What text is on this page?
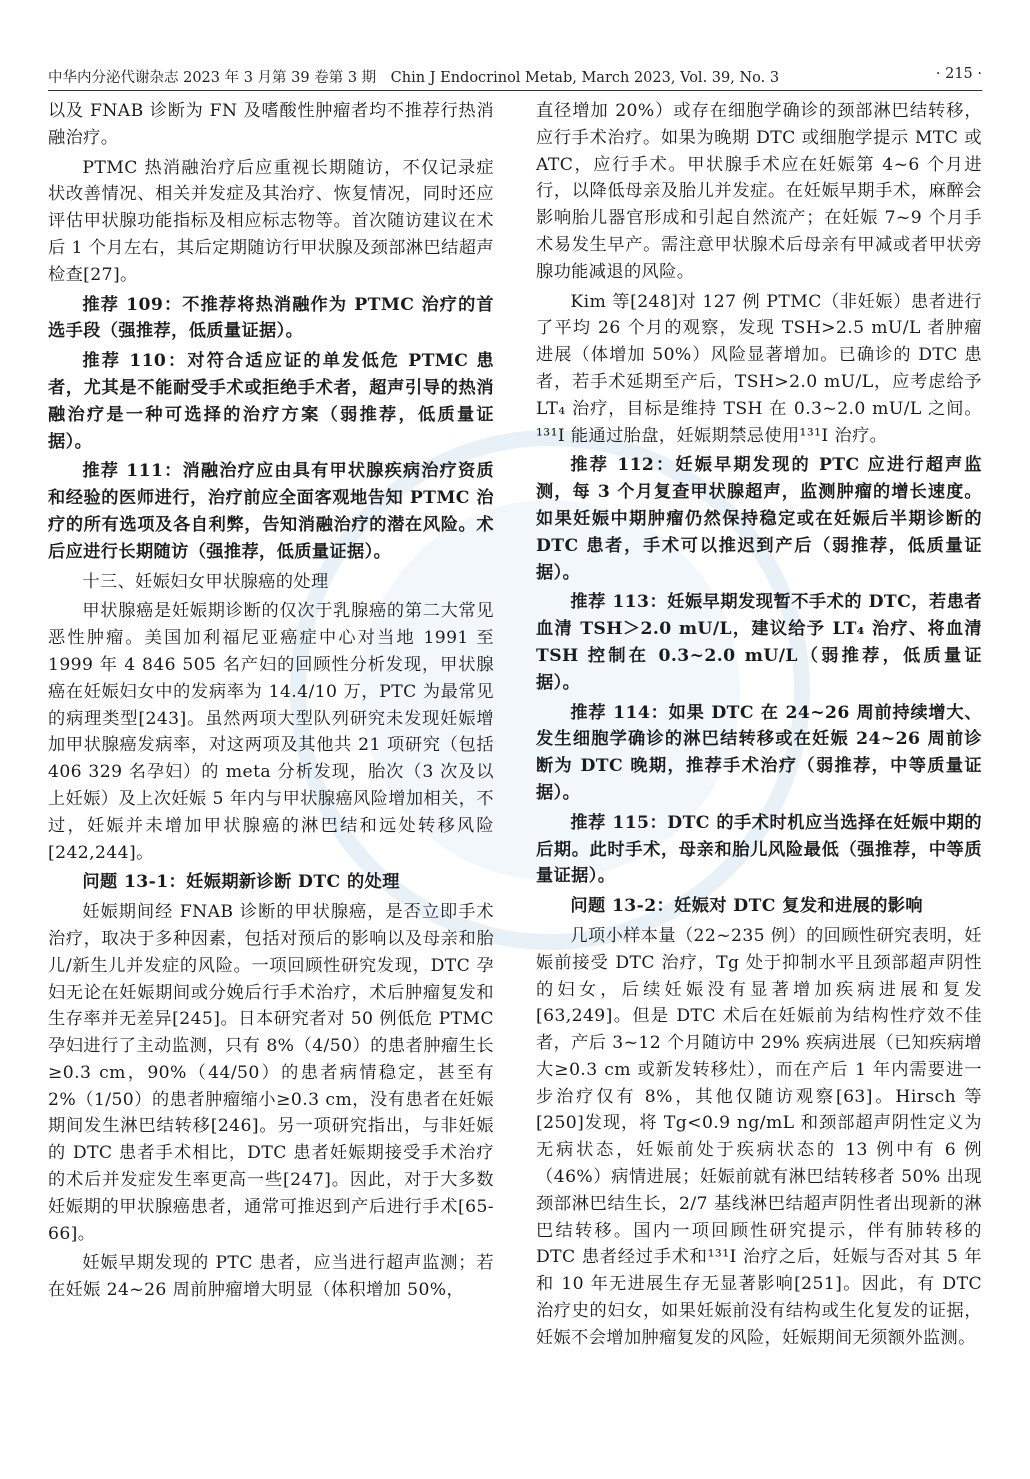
中华内分泌代谢杂志 2023 年 3 月第 39 卷第 3 期　Chin J Endocrinol Metab, March 2023, Vol. 39, No. 3	· 215 ·

以及 FNAB 诊断为 FN 及嗜酸性肿瘤者均不推荐行热消融治疗。

PTMC 热消融治疗后应重视长期随访，不仅记录症状改善情况、相关并发症及其治疗、恢复情况，同时还应评估甲状腺功能指标及相应标志物等。首次随访建议在术后 1 个月左右，其后定期随访行甲状腺及颈部淋巴结超声检查[27]。

推荐 109：不推荐将热消融作为 PTMC 治疗的首选手段（强推荐，低质量证据）。

推荐 110：对符合适应证的单发低危 PTMC 患者，尤其是不能耐受手术或拒绝手术者，超声引导的热消融治疗是一种可选择的治疗方案（弱推荐，低质量证据）。

推荐 111：消融治疗应由具有甲状腺疾病治疗资质和经验的医师进行，治疗前应全面客观地告知 PTMC 治疗的所有选项及各自利弊，告知消融治疗的潜在风险。术后应进行长期随访（强推荐，低质量证据）。

十三、妊娠妇女甲状腺癌的处理

甲状腺癌是妊娠期诊断的仅次于乳腺癌的第二大常见恶性肿瘤。美国加利福尼亚癌症中心对当地 1991 至 1999 年 4 846 505 名产妇的回顾性分析发现，甲状腺癌在妊娠妇女中的发病率为 14.4/10 万，PTC 为最常见的病理类型[243]。虽然两项大型队列研究未发现妊娠增加甲状腺癌发病率，对这两项及其他共 21 项研究（包括 406 329 名孕妇）的 meta 分析发现，胎次（3 次及以上妊娠）及上次妊娠 5 年内与甲状腺癌风险增加相关，不过，妊娠并未增加甲状腺癌的淋巴结和远处转移风险[242,244]。

问题 13-1：妊娠期新诊断 DTC 的处理

妊娠期间经 FNAB 诊断的甲状腺癌，是否立即手术治疗，取决于多种因素，包括对预后的影响以及母亲和胎儿/新生儿并发症的风险。一项回顾性研究发现，DTC 孕妇无论在妊娠期间或分娩后行手术治疗，术后肿瘤复发和生存率并无差异[245]。日本研究者对 50 例低危 PTMC 孕妇进行了主动监测，只有 8%（4/50）的患者肿瘤生长≥0.3 cm，90%（44/50）的患者病情稳定，甚至有 2%（1/50）的患者肿瘤缩小≥0.3 cm，没有患者在妊娠期间发生淋巴结转移[246]。另一项研究指出，与非妊娠的 DTC 患者手术相比，DTC 患者妊娠期接受手术治疗的术后并发症发生率更高一些[247]。因此，对于大多数妊娠期的甲状腺癌患者，通常可推迟到产后进行手术[65-66]。

妊娠早期发现的 PTC 患者，应当进行超声监测；若在妊娠 24~26 周前肿瘤增大明显（体积增加 50%，

直径增加 20%）或存在细胞学确诊的颈部淋巴结转移，应行手术治疗。如果为晚期 DTC 或细胞学提示 MTC 或 ATC，应行手术。甲状腺手术应在妊娠第 4~6 个月进行，以降低母亲及胎儿并发症。在妊娠早期手术，麻醉会影响胎儿器官形成和引起自然流产；在妊娠 7~9 个月手术易发生早产。需注意甲状腺术后母亲有甲减或者甲状旁腺功能减退的风险。

Kim 等[248]对 127 例 PTMC（非妊娠）患者进行了平均 26 个月的观察，发现 TSH>2.5 mU/L 者肿瘤进展（体增加 50%）风险显著增加。已确诊的 DTC 患者，若手术延期至产后，TSH>2.0 mU/L，应考虑给予 LT₄ 治疗，目标是维持 TSH 在 0.3~2.0 mU/L 之间。¹³¹I 能通过胎盘，妊娠期禁忌使用¹³¹I 治疗。

推荐 112：妊娠早期发现的 PTC 应进行超声监测，每 3 个月复查甲状腺超声，监测肿瘤的增长速度。如果妊娠中期肿瘤仍然保持稳定或在妊娠后半期诊断的 DTC 患者，手术可以推迟到产后（弱推荐，低质量证据）。

推荐 113：妊娠早期发现暂不手术的 DTC，若患者血清 TSH＞2.0 mU/L，建议给予 LT₄ 治疗、将血清 TSH 控制在 0.3~2.0 mU/L（弱推荐，低质量证据）。

推荐 114：如果 DTC 在 24~26 周前持续增大、发生细胞学确诊的淋巴结转移或在妊娠 24~26 周前诊断为 DTC 晚期，推荐手术治疗（弱推荐，中等质量证据）。

推荐 115：DTC 的手术时机应当选择在妊娠中期的后期。此时手术，母亲和胎儿风险最低（强推荐，中等质量证据）。

问题 13-2：妊娠对 DTC 复发和进展的影响

几项小样本量（22~235 例）的回顾性研究表明，妊娠前接受 DTC 治疗，Tg 处于抑制水平且颈部超声阴性的妇女，后续妊娠没有显著增加疾病进展和复发[63,249]。但是 DTC 术后在妊娠前为结构性疗效不佳者，产后 3~12 个月随访中 29% 疾病进展（已知疾病增大≥0.3 cm 或新发转移灶），而在产后 1 年内需要进一步治疗仅有 8%，其他仅随访观察[63]。Hirsch 等[250]发现，将 Tg<0.9 ng/mL 和颈部超声阴性定义为无病状态，妊娠前处于疾病状态的 13 例中有 6 例（46%）病情进展；妊娠前就有淋巴结转移者 50% 出现颈部淋巴结生长，2/7 基线淋巴结超声阴性者出现新的淋巴结转移。国内一项回顾性研究提示，伴有肺转移的 DTC 患者经过手术和¹³¹I 治疗之后，妊娠与否对其 5 年和 10 年无进展生存无显著影响[251]。因此，有 DTC 治疗史的妇女，如果妊娠前没有结构或生化复发的证据，妊娠不会增加肿瘤复发的风险，妊娠期间无须额外监测。
